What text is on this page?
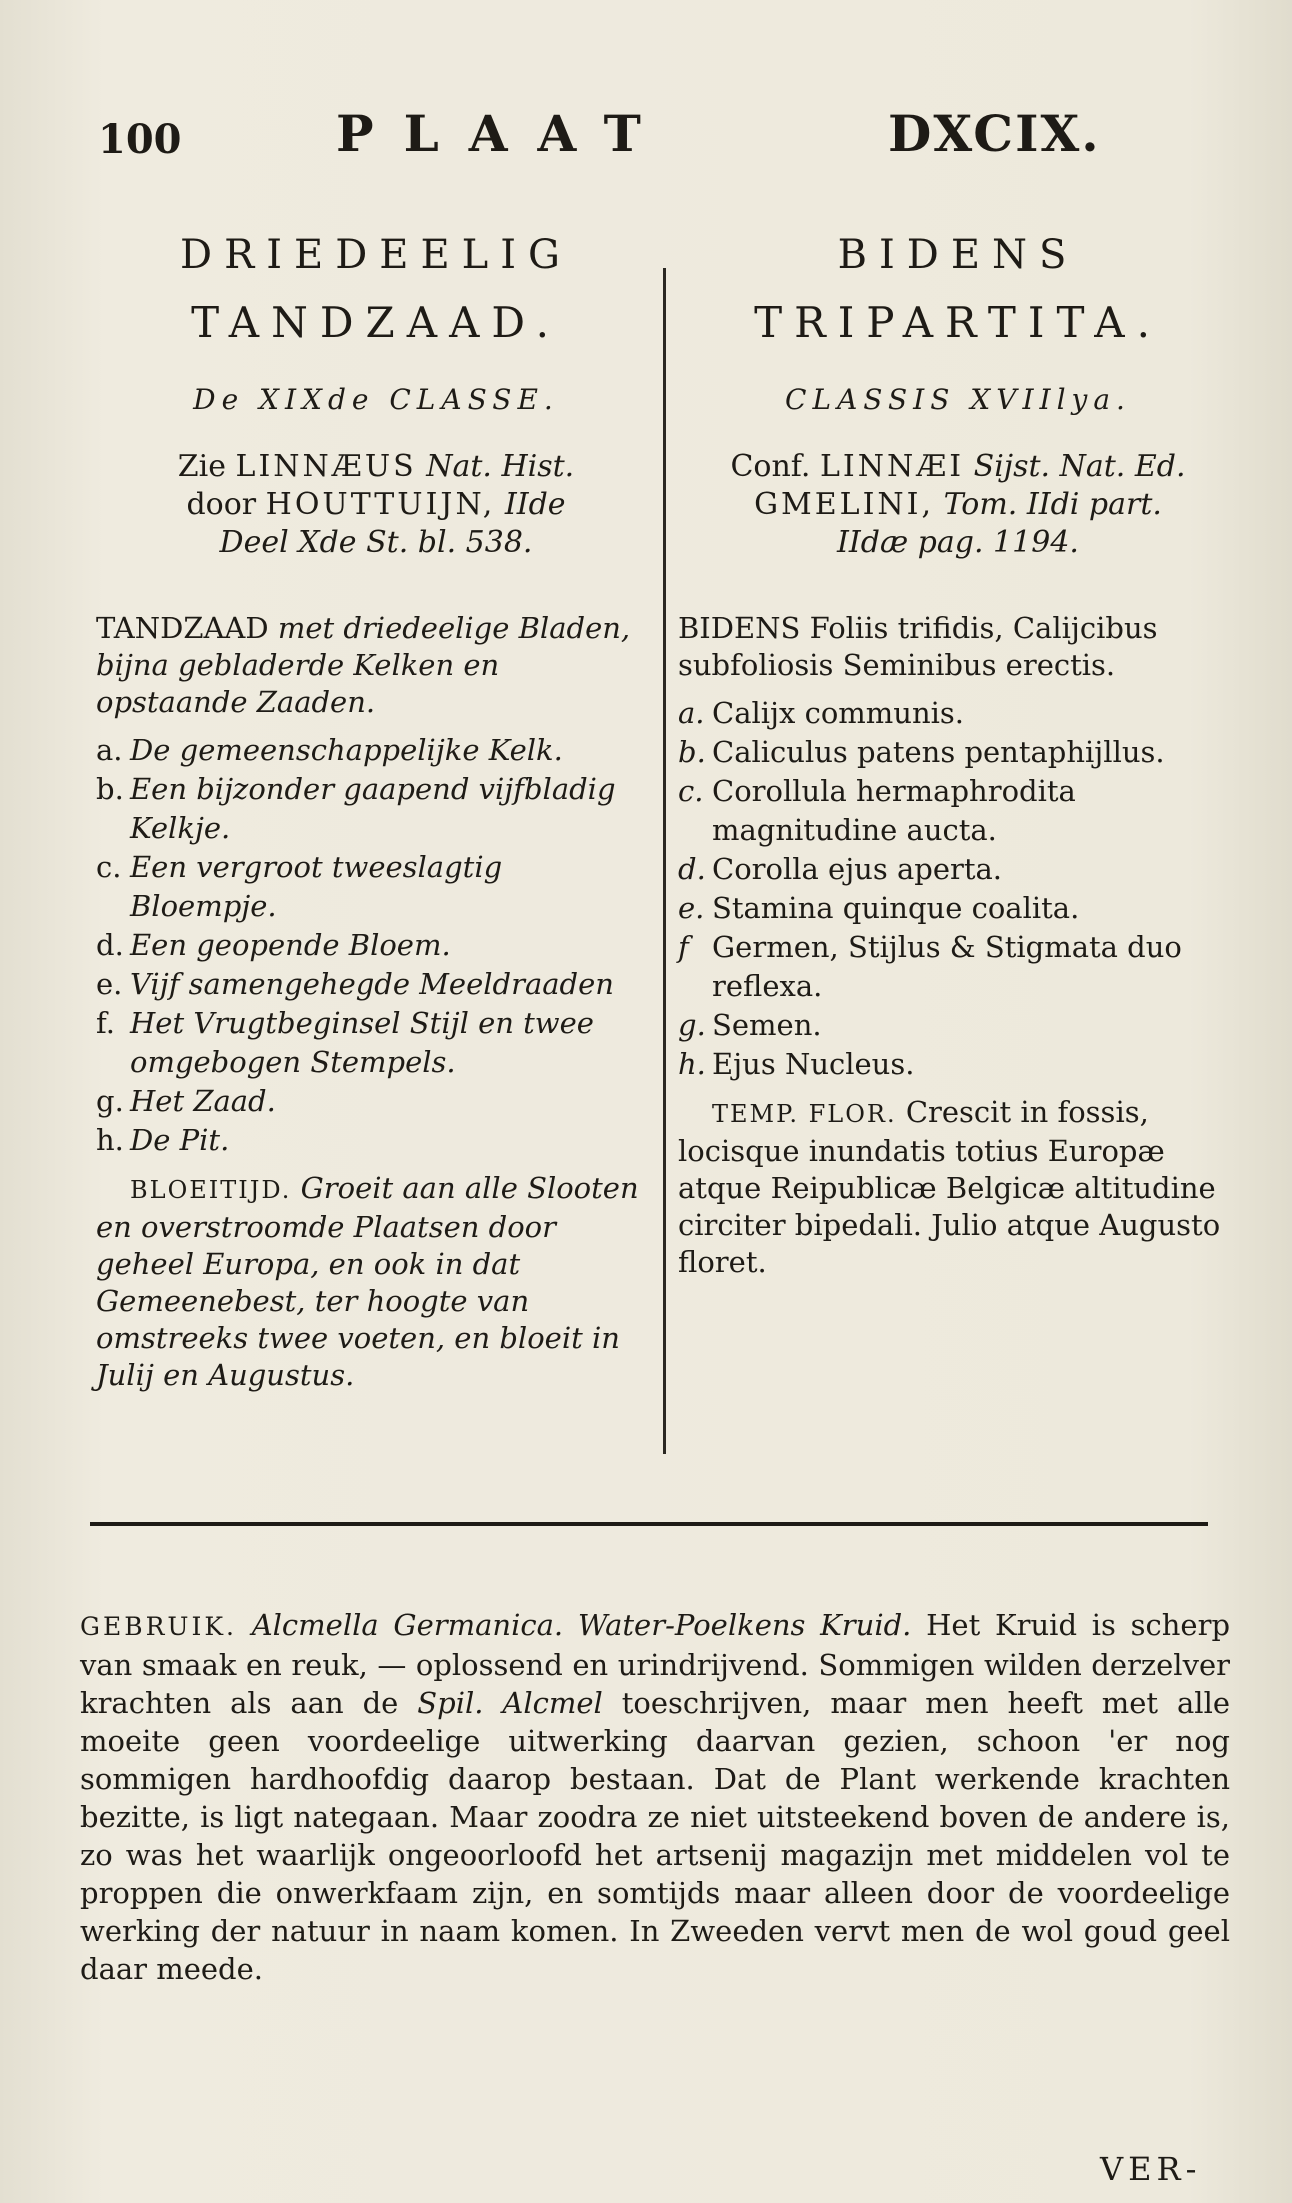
100	PLAAT	DXCIX.

DRIEDEELIG

TANDZAAD.

De XIXde CLASSE.

Zie LINNÆUS Nat. Hist.
door HOUTTUIJN, IIde
Deel Xde St. bl. 538.

TANDZAAD met driedeelige Bladen, bijna gebladerde Kelken en opstaande Zaaden.

a. De gemeenschappelijke Kelk.
b. Een bijzonder gaapend vijfbladig Kelkje.
c. Een vergroot tweeslagtig Bloempje.
d. Een geopende Bloem.
e. Vijf samengehegde Meeldraaden
f. Het Vrugtbeginsel Stijl en twee omgebogen Stempels.
g. Het Zaad.
h. De Pit.

BLOEITIJD. Groeit aan alle Slooten en overstroomde Plaatsen door geheel Europa, en ook in dat Gemeenebest, ter hoogte van omstreeks twee voeten, en bloeit in Julij en Augustus.

BIDENS

TRIPARTITA.

CLASSIS XVIIlya.

Conf. LINNÆI Sijst. Nat. Ed.
GMELINI, Tom. IIdi part.
IIdæ pag. 1194.

BIDENS Foliis trifidis, Calijcibus subfoliosis Seminibus erectis.

a. Calijx communis.
b. Caliculus patens pentaphijllus.
c. Corollula hermaphrodita magnitudine aucta.
d. Corolla ejus aperta.
e. Stamina quinque coalita.
f Germen, Stijlus & Stigmata duo reflexa.
g. Semen.
h. Ejus Nucleus.

TEMP. FLOR. Crescit in fossis, locisque inundatis totius Europæ atque Reipublicæ Belgicæ altitudine circiter bipedali. Julio atque Augusto floret.

GEBRUIK. Alcmella Germanica. Water-Poelkens Kruid. Het Kruid is scherp van smaak en reuk, — oplossend en urindrijvend. Sommigen wilden derzelver krachten als aan de Spil. Alcmel toeschrijven, maar men heeft met alle moeite geen voordeelige uitwerking daarvan gezien, schoon 'er nog sommigen hardhoofdig daarop bestaan. Dat de Plant werkende krachten bezitte, is ligt nategaan. Maar zoodra ze niet uitsteekend boven de andere is, zo was het waarlijk ongeoorloofd het artsenij magazijn met middelen vol te proppen die onwerkfaam zijn, en somtijds maar alleen door de voordeelige werking der natuur in naam komen. In Zweeden vervt men de wol goud geel daar meede.
VER-
